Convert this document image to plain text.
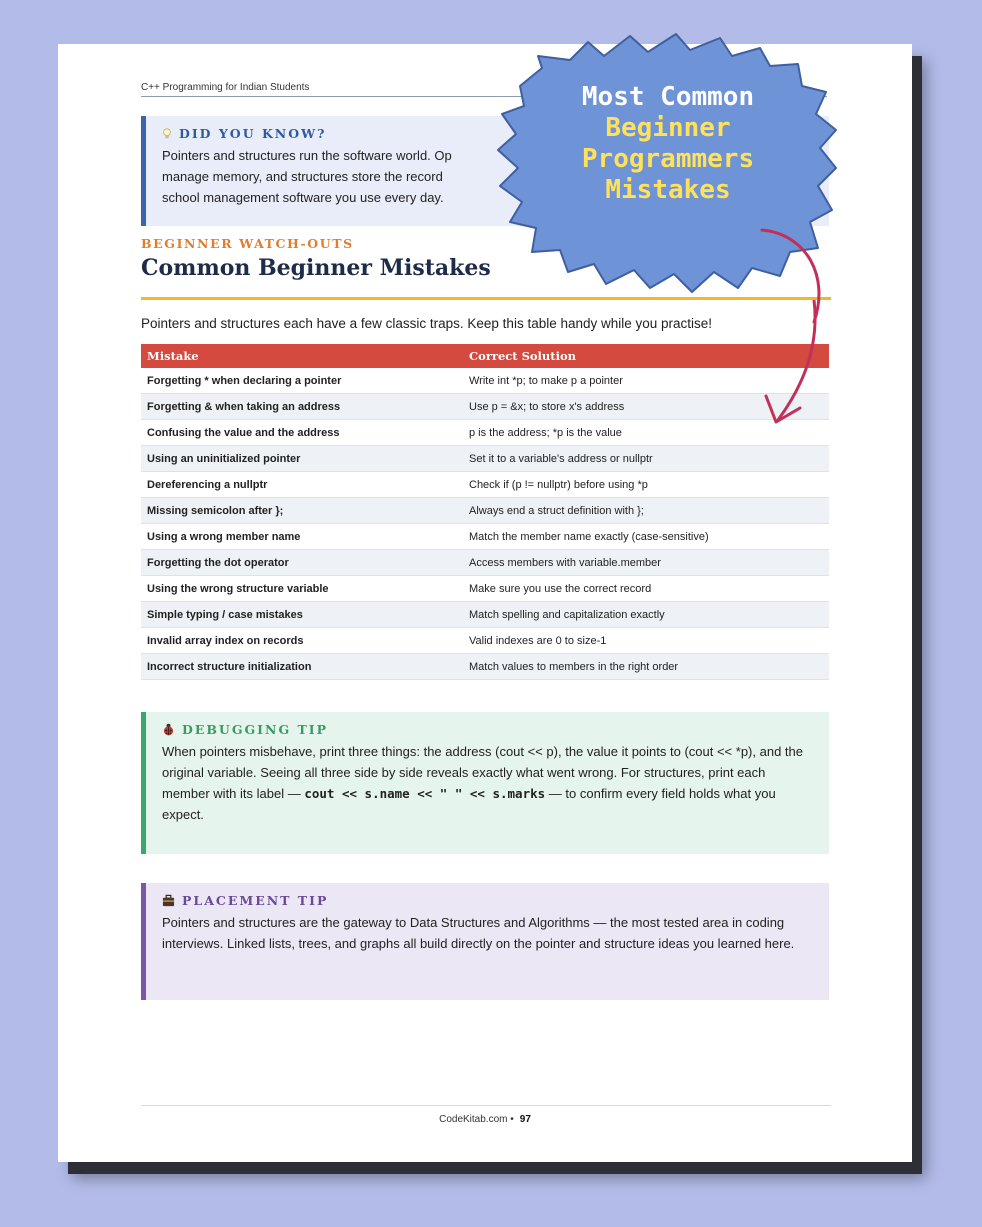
C++ Programming for Indian Students
DID YOU KNOW?
Pointers and structures run the software world. Op
manage memory, and structures store the record
school management software you use every day.
BEGINNER WATCH-OUTS
Common Beginner Mistakes
Pointers and structures each have a few classic traps. Keep this table handy while you practise!
Mistake	Correct Solution
Forgetting * when declaring a pointer	Write int *p; to make p a pointer
Forgetting & when taking an address	Use p = &x; to store x's address
Confusing the value and the address	p is the address; *p is the value
Using an uninitialized pointer	Set it to a variable's address or nullptr
Dereferencing a nullptr	Check if (p != nullptr) before using *p
Missing semicolon after };	Always end a struct definition with };
Using a wrong member name	Match the member name exactly (case-sensitive)
Forgetting the dot operator	Access members with variable.member
Using the wrong structure variable	Make sure you use the correct record
Simple typing / case mistakes	Match spelling and capitalization exactly
Invalid array index on records	Valid indexes are 0 to size-1
Incorrect structure initialization	Match values to members in the right order
DEBUGGING TIP
When pointers misbehave, print three things: the address (cout << p), the value it points to (cout << *p), and the original variable. Seeing all three side by side reveals exactly what went wrong. For structures, print each member with its label — cout << s.name << " " << s.marks — to confirm every field holds what you expect.
PLACEMENT TIP
Pointers and structures are the gateway to Data Structures and Algorithms — the most tested area in coding interviews. Linked lists, trees, and graphs all build directly on the pointer and structure ideas you learned here.
CodeKitab.com • 97
Most Common
Beginner
Programmers
Mistakes
